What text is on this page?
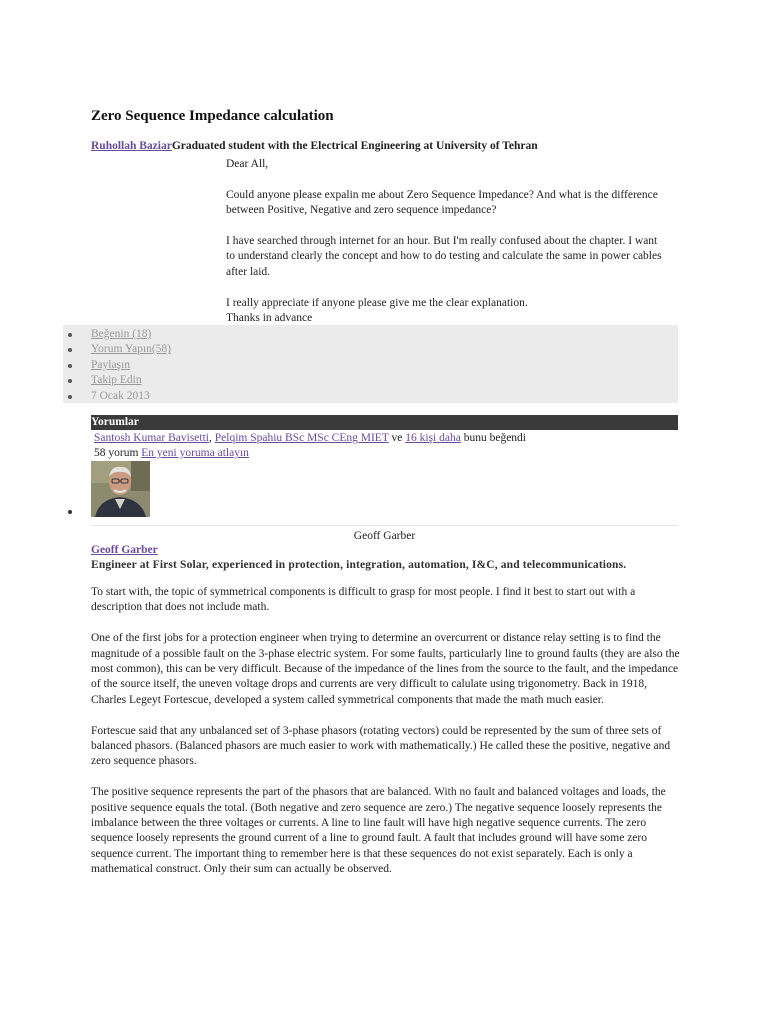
Zero Sequence Impedance calculation
Ruhollah BaziarGraduated student with the Electrical Engineering at University of Tehran

Dear All,

Could anyone please expalin me about Zero Sequence Impedance? And what is the difference between Positive, Negative and zero sequence impedance?

I have searched through internet for an hour. But I'm really confused about the chapter. I want to understand clearly the concept and how to do testing and calculate the same in power cables after laid.

I really appreciate if anyone please give me the clear explanation.

Thanks in advance

Beğenin (18)
Yorum Yapın(58)
Paylaşın
Takip Edin
7 Ocak 2013
Yorumlar
Santosh Kumar Bavisetti, Pelqim Spahiu BSc MSc CEng MIET ve 16 kişi daha bunu beğendi
58 yorum En yeni yoruma atlayın
Geoff Garber
Geoff Garber
Engineer at First Solar, experienced in protection, integration, automation, I&C, and telecommunications.

To start with, the topic of symmetrical components is difficult to grasp for most people. I find it best to start out with a description that does not include math.

One of the first jobs for a protection engineer when trying to determine an overcurrent or distance relay setting is to find the magnitude of a possible fault on the 3-phase electric system. For some faults, particularly line to ground faults (they are also the most common), this can be very difficult. Because of the impedance of the lines from the source to the fault, and the impedance of the source itself, the uneven voltage drops and currents are very difficult to calulate using trigonometry. Back in 1918, Charles Legeyt Fortescue, developed a system called symmetrical components that made the math much easier.

Fortescue said that any unbalanced set of 3-phase phasors (rotating vectors) could be represented by the sum of three sets of balanced phasors. (Balanced phasors are much easier to work with mathematically.) He called these the positive, negative and zero sequence phasors.

The positive sequence represents the part of the phasors that are balanced. With no fault and balanced voltages and loads, the positive sequence equals the total. (Both negative and zero sequence are zero.) The negative sequence loosely represents the imbalance between the three voltages or currents. A line to line fault will have high negative sequence currents. The zero sequence loosely represents the ground current of a line to ground fault. A fault that includes ground will have some zero sequence current. The important thing to remember here is that these sequences do not exist separately. Each is only a mathematical construct. Only their sum can actually be observed.
